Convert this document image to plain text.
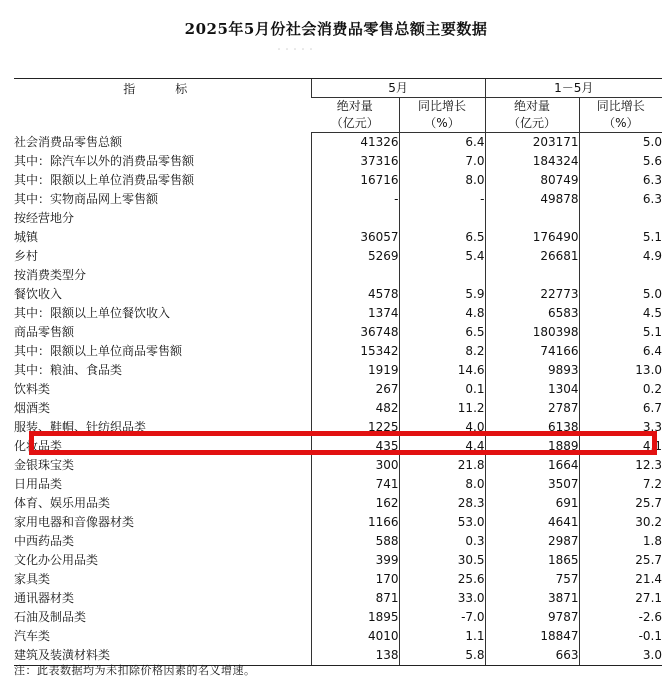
2025年5月份社会消费品零售总额主要数据
指　标	5月		1－5月	
	绝对量	同比增长	绝对量	同比增长
	（亿元）	（%）	（亿元）	（%）
社会消费品零售总额	41326	6.4	203171	5.0
其中：除汽车以外的消费品零售额	37316	7.0	184324	5.6
其中：限额以上单位消费品零售额	16716	8.0	80749	6.3
其中：实物商品网上零售额	-	-	49878	6.3
按经营地分				
城镇	36057	6.5	176490	5.1
乡村	5269	5.4	26681	4.9
按消费类型分				
餐饮收入	4578	5.9	22773	5.0
其中：限额以上单位餐饮收入	1374	4.8	6583	4.5
商品零售额	36748	6.5	180398	5.1
其中：限额以上单位商品零售额	15342	8.2	74166	6.4
其中：粮油、食品类	1919	14.6	9893	13.0
饮料类	267	0.1	1304	0.2
烟酒类	482	11.2	2787	6.7
服装、鞋帽、针纺织品类	1225	4.0	6138	3.3
化妆品类	435	4.4	1889	4.1
金银珠宝类	300	21.8	1664	12.3
日用品类	741	8.0	3507	7.2
体育、娱乐用品类	162	28.3	691	25.7
家用电器和音像器材类	1166	53.0	4641	30.2
中西药品类	588	0.3	2987	1.8
文化办公用品类	399	30.5	1865	25.7
家具类	170	25.6	757	21.4
通讯器材类	871	33.0	3871	27.1
石油及制品类	1895	-7.0	9787	-2.6
汽车类	4010	1.1	18847	-0.1
建筑及装潢材料类	138	5.8	663	3.0
注：此表数据均为未扣除价格因素的名义增速。
